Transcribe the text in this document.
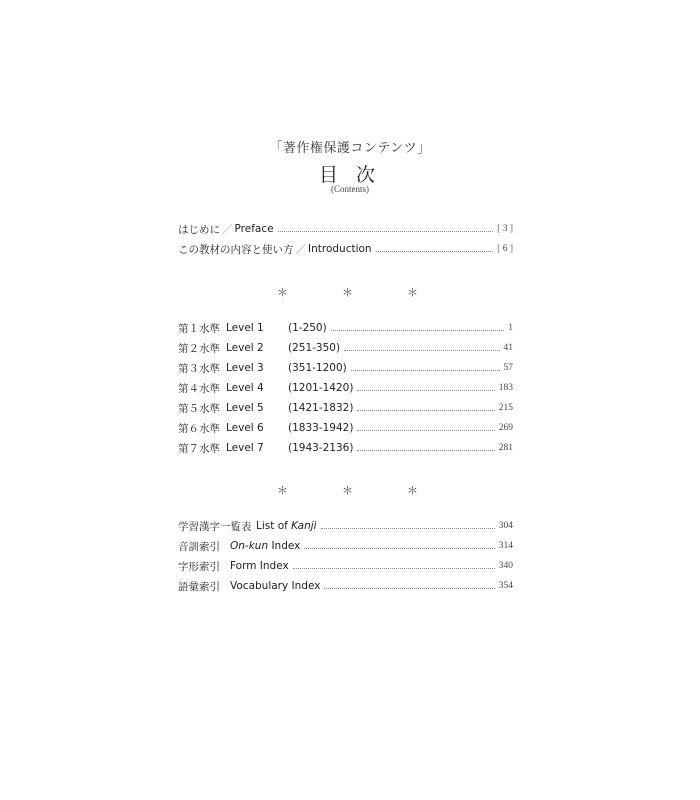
「著作権保護コンテンツ」
目 次
(Contents)
はじめに ／ Preface	[ 3 ]
この教材の内容と使い方 ／ Introduction	[ 6 ]
＊	＊	＊
第１水準 Level 1	(1-250)	1
第２水準 Level 2	(251-350)	41
第３水準 Level 3	(351-1200)	57
第４水準 Level 4	(1201-1420)	183
第５水準 Level 5	(1421-1832)	215
第６水準 Level 6	(1833-1942)	269
第７水準 Level 7	(1943-2136)	281
＊	＊	＊
学習漢字一覧表 List of Kanji	304
音訓索引 On-kun Index	314
字形索引 Form Index	340
語彙索引 Vocabulary Index	354
